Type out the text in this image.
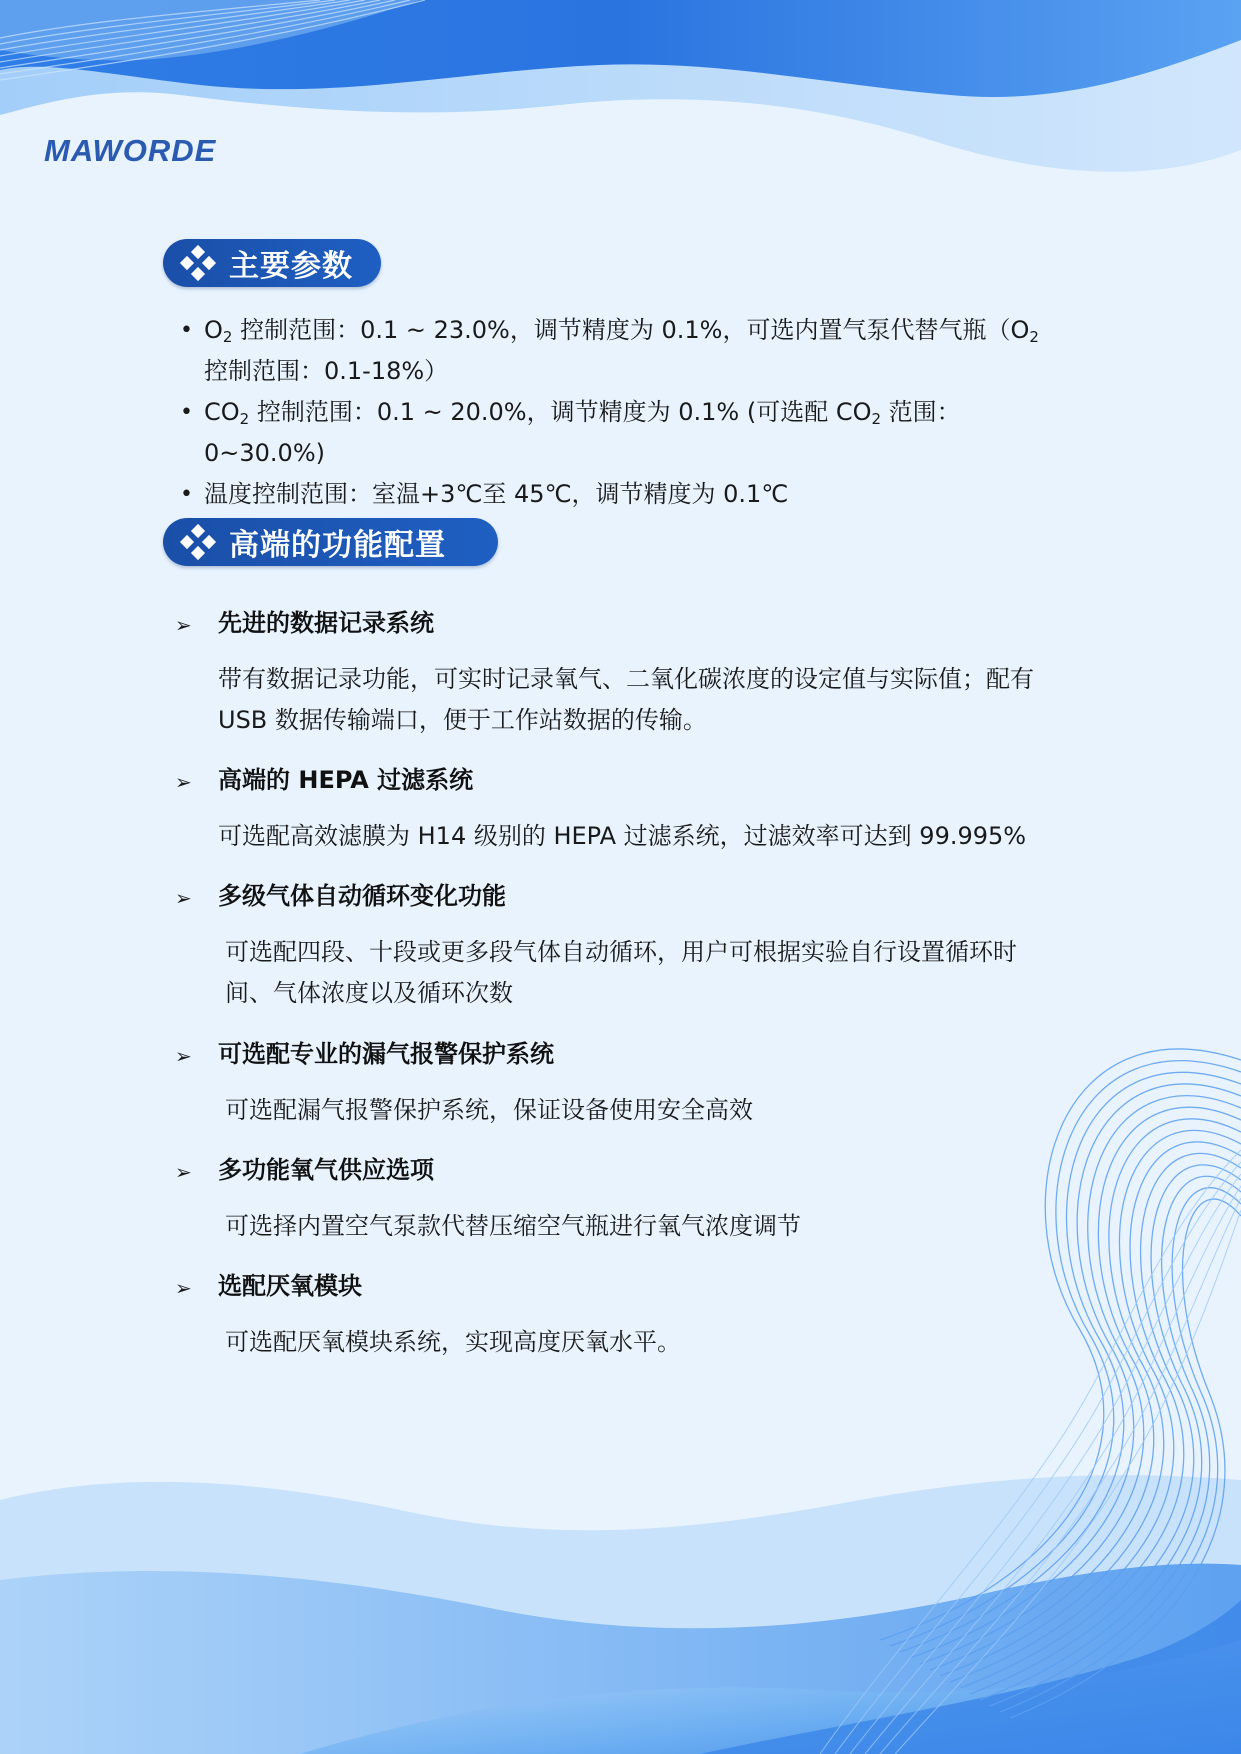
MAWORDE
主要参数
• $O_2$ 控制范围：0.1 ~ 23.0%，调节精度为 0.1%，可选内置气泵代替气瓶（$O_2$
控制范围：0.1-18%）
• $CO_2$ 控制范围：0.1 ~ 20.0%，调节精度为 0.1% (可选配 $CO_2$ 范围：0~30.0%)
• 温度控制范围：室温+3℃至 45℃，调节精度为 0.1℃
高端的功能配置
➢ 先进的数据记录系统
带有数据记录功能，可实时记录氧气、二氧化碳浓度的设定值与实际值；配有 USB 数据传输端口，便于工作站数据的传输。
➢ 高端的 HEPA 过滤系统
可选配高效滤膜为 H14 级别的 HEPA 过滤系统，过滤效率可达到 99.995%
➢ 多级气体自动循环变化功能
可选配四段、十段或更多段气体自动循环，用户可根据实验自行设置循环时间、气体浓度以及循环次数
➢ 可选配专业的漏气报警保护系统
可选配漏气报警保护系统，保证设备使用安全高效
➢ 多功能氧气供应选项
可选择内置空气泵款代替压缩空气瓶进行氧气浓度调节
➢ 选配厌氧模块
可选配厌氧模块系统，实现高度厌氧水平。
